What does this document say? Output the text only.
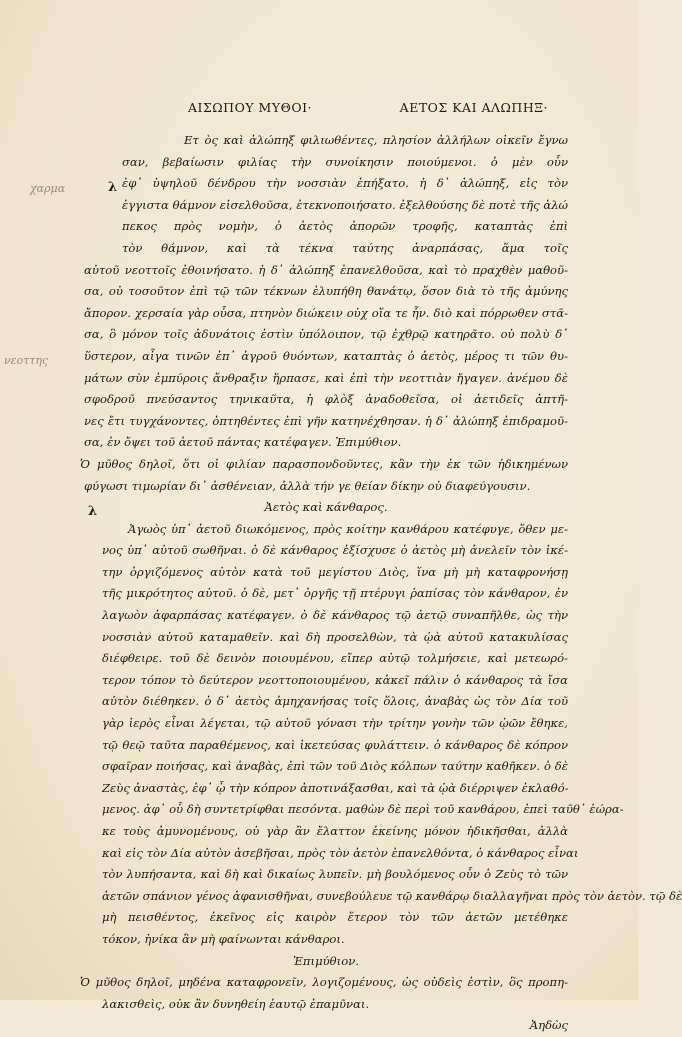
ΑΙΣΩΠΟΥ ΜΥΘΟΙ·	ΑΕΤΟΣ ΚΑΙ ΑΛΩΠΗΞ·
χαρμα
νεοττης
λ
λ
Ετ ὸς καὶ ἀλώπηξ φιλιωθέντες, πλησίον ἀλλήλων οἰκεῖν ἔγνω
σαν, βεβαίωσιν φιλίας τὴν συνοίκησιν ποιούμενοι. ὁ μὲν οὖν
ἐφ᾽ ὑψηλοῦ δένδρου τὴν νοσσιὰν ἐπήξατο. ἡ δ᾽ ἀλώπηξ, εἰς τὸν
ἐγγιστα θάμνον εἰσελθοῦσα, ἐτεκνοποιήσατο. ἐξελθούσης δὲ ποτὲ τῆς ἀλώ
πεκος πρὸς νομὴν, ὁ ἀετὸς ἀπορῶν τροφῆς, καταπτὰς ἐπὶ
τὸν θάμνον, καὶ τὰ τέκνα ταύτης ἀναρπάσας, ἅμα τοῖς
αὐτοῦ νεοττοῖς ἐθοινήσατο. ἡ δ᾽ ἀλώπηξ ἐπανελθοῦσα, καὶ τὸ πραχθὲν μαθοῦ-
σα, οὐ τοσοῦτον ἐπὶ τῷ τῶν τέκνων ἐλυπήθη θανάτῳ, ὅσον διὰ τὸ τῆς ἀμύνης
ἄπορον. χερσαία γὰρ οὖσα, πτηνὸν διώκειν οὐχ οἵα τε ἦν. διὸ καὶ πόρρωθεν στᾶ-
σα, ὃ μόνον τοῖς ἀδυνάτοις ἐστὶν ὑπόλοιπον, τῷ ἐχθρῷ κατηρᾶτο. οὐ πολὺ δ᾽
ὕστερον, αἶγα τινῶν ἐπ᾽ ἀγροῦ θυόντων, καταπτὰς ὁ ἀετὸς, μέρος τι τῶν θυ-
μάτων σὺν ἐμπύροις ἄνθραξιν ἥρπασε, καὶ ἐπὶ τὴν νεοττιὰν ἤγαγεν. ἀνέμου δὲ
σφοδροῦ πνεύσαντος τηνικαῦτα, ἡ φλὸξ ἀναδοθεῖσα, οἱ ἀετιδεῖς ἀπτῆ-
νες ἔτι τυγχάνοντες, ὀπτηθέντες ἐπὶ γῆν κατηνέχθησαν. ἡ δ᾽ ἀλώπηξ ἐπιδραμοῦ-
σα, ἐν ὄψει τοῦ ἀετοῦ πάντας κατέφαγεν. Ἐπιμύθιον.
Ὁ μῦθος δηλοῖ, ὅτι οἱ φιλίαν παρασπονδοῦντες, κἂν τὴν ἐκ τῶν ἠδικημένων
φύγωσι τιμωρίαν δι᾽ ἀσθένειαν, ἀλλὰ τήν γε θείαν δίκην οὐ διαφεύγουσιν.
Ἀετὸς καὶ κάνθαρος.
Ἀγωὸς ὑπ᾽ ἀετοῦ διωκόμενος, πρὸς κοίτην κανθάρου κατέφυγε, ὅθεν με-
νος ὑπ᾽ αὐτοῦ σωθῆναι. ὁ δὲ κάνθαρος ἐξίσχυσε ὁ ἀετὸς μὴ ἀνελεῖν τὸν ἱκέ-
την ὀργιζόμενος αὐτὸν κατὰ τοῦ μεγίστου Διὸς, ἵνα μὴ μὴ καταφρονήσῃ
τῆς μικρότητος αὐτοῦ. ὁ δὲ, μετ᾽ ὀργῆς τῇ πτέρυγι ῥαπίσας τὸν κάνθαρον, ἐν
λαγωὸν ἀφαρπάσας κατέφαγεν. ὁ δὲ κάνθαρος τῷ ἀετῷ συναπῆλθε, ὡς τὴν
νοσσιὰν αὐτοῦ καταμαθεῖν. καὶ δὴ προσελθὼν, τὰ ᾠὰ αὐτοῦ κατακυλίσας
διέφθειρε. τοῦ δὲ δεινὸν ποιουμένου, εἴπερ αὐτῷ τολμήσειε, καὶ μετεωρό-
τερον τόπον τὸ δεύτερον νεοττοποιουμένου, κἀκεῖ πάλιν ὁ κάνθαρος τὰ ἴσα
αὐτὸν διέθηκεν. ὁ δ᾽ ἀετὸς ἀμηχανήσας τοῖς ὅλοις, ἀναβὰς ὡς τὸν Δία τοῦ
γὰρ ἱερὸς εἶναι λέγεται, τῷ αὐτοῦ γόνασι τὴν τρίτην γονὴν τῶν ᾠῶν ἔθηκε,
τῷ θεῷ ταῦτα παραθέμενος, καὶ ἱκετεύσας φυλάττειν. ὁ κάνθαρος δὲ κόπρον
σφαῖραν ποιήσας, καὶ ἀναβὰς, ἐπὶ τῶν τοῦ Διὸς κόλπων ταύτην καθῆκεν. ὁ δὲ
Ζεὺς ἀναστὰς, ἐφ᾽ ᾧ τὴν κόπρον ἀποτινάξασθαι, καὶ τὰ ᾠὰ διέρριψεν ἐκλαθό-
μενος. ἀφ᾽ οὗ δὴ συντετρίφθαι πεσόντα. μαθὼν δὲ περὶ τοῦ κανθάρου, ἐπεὶ ταῦθ᾽ ἑώρα-
κε τοὺς ἀμυνομένους, οὐ γὰρ ἂν ἔλαττον ἐκείνης μόνον ἠδικῆσθαι, ἀλλὰ
καὶ εἰς τὸν Δία αὐτὸν ἀσεβῆσαι, πρὸς τὸν ἀετὸν ἐπανελθόντα, ὁ κάνθαρος εἶναι
τὸν λυπήσαντα, καὶ δὴ καὶ δικαίως λυπεῖν. μὴ βουλόμενος οὖν ὁ Ζεὺς τὸ τῶν
ἀετῶν σπάνιον γένος ἀφανισθῆναι, συνεβούλευε τῷ κανθάρῳ διαλλαγῆναι πρὸς τὸν ἀετὸν. τῷ δὲ
μὴ πεισθέντος, ἐκεῖνος εἰς καιρὸν ἕτερον τὸν τῶν ἀετῶν μετέθηκε
τόκον, ἡνίκα ἂν μὴ φαίνωνται κάνθαροι.
Ἐπιμύθιον.
Ὁ μῦθος δηλοῖ, μηδένα καταφρονεῖν, λογιζομένους, ὡς οὐδεὶς ἐστὶν, ὃς προπη-
λακισθεὶς, οὐκ ἂν δυνηθείη ἑαυτῷ ἐπαμῦναι.
Ἀηδὼς
